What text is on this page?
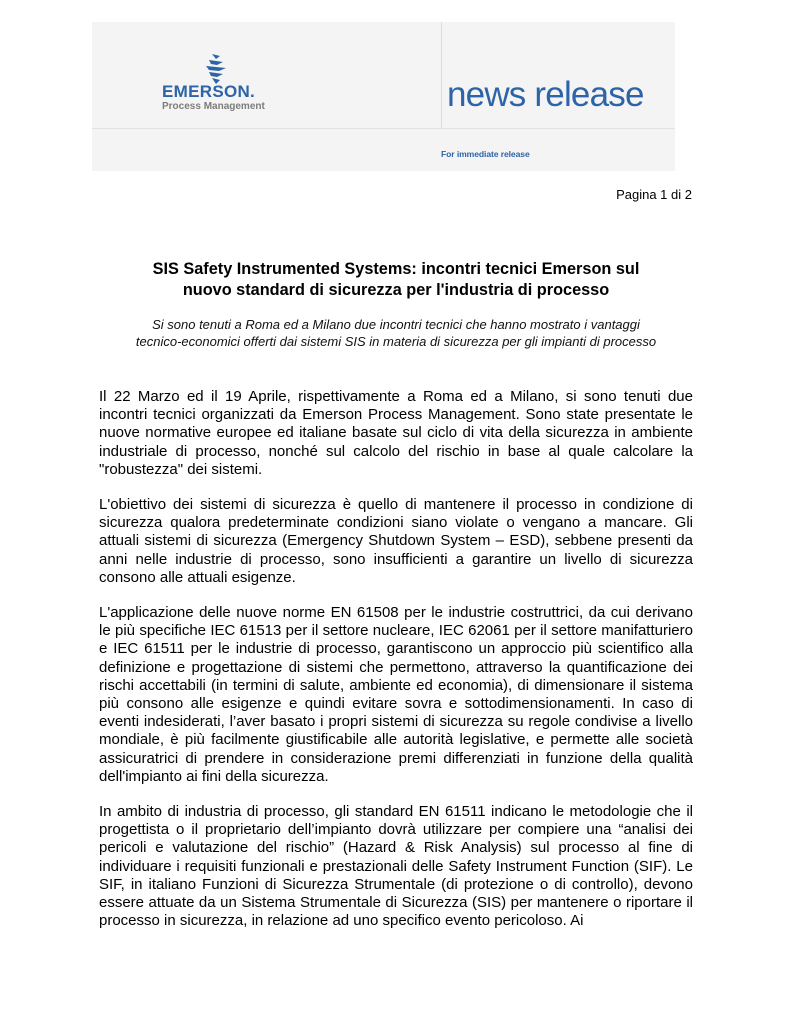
EMERSON.
Process Management	news release
For immediate release
Pagina 1 di 2
SIS Safety Instrumented Systems: incontri tecnici Emerson sul
nuovo standard di sicurezza per l'industria di processo
Si sono tenuti a Roma ed a Milano due incontri tecnici che hanno mostrato i vantaggi
tecnico-economici offerti dai sistemi SIS in materia di sicurezza per gli impianti di processo

Il 22 Marzo ed il 19 Aprile, rispettivamente a Roma ed a Milano, si sono tenuti due incontri tecnici organizzati da Emerson Process Management. Sono state presentate le nuove normative europee ed italiane basate sul ciclo di vita della sicurezza in ambiente industriale di processo, nonché sul calcolo del rischio in base al quale calcolare la "robustezza" dei sistemi.

L'obiettivo dei sistemi di sicurezza è quello di mantenere il processo in condizione di sicurezza qualora predeterminate condizioni siano violate o vengano a mancare. Gli attuali sistemi di sicurezza (Emergency Shutdown System – ESD), sebbene presenti da anni nelle industrie di processo, sono insufficienti a garantire un livello di sicurezza consono alle attuali esigenze.

L'applicazione delle nuove norme EN 61508 per le industrie costruttrici, da cui derivano le più specifiche IEC 61513 per il settore nucleare, IEC 62061 per il settore manifatturiero e IEC 61511 per le industrie di processo, garantiscono un approccio più scientifico alla definizione e progettazione di sistemi che permettono, attraverso la quantificazione dei rischi accettabili (in termini di salute, ambiente ed economia), di dimensionare il sistema più consono alle esigenze e quindi evitare sovra e sottodimensionamenti. In caso di eventi indesiderati, l’aver basato i propri sistemi di sicurezza su regole condivise a livello mondiale, è più facilmente giustificabile alle autorità legislative, e permette alle società assicuratrici di prendere in considerazione premi differenziati in funzione della qualità dell'impianto ai fini della sicurezza.

In ambito di industria di processo, gli standard EN 61511 indicano le metodologie che il progettista o il proprietario dell’impianto dovrà utilizzare per compiere una “analisi dei pericoli e valutazione del rischio” (Hazard & Risk Analysis) sul processo al fine di individuare i requisiti funzionali e prestazionali delle Safety Instrument Function (SIF). Le SIF, in italiano Funzioni di Sicurezza Strumentale (di protezione o di controllo), devono essere attuate da un Sistema Strumentale di Sicurezza (SIS) per mantenere o riportare il processo in sicurezza, in relazione ad uno specifico evento pericoloso. Ai
